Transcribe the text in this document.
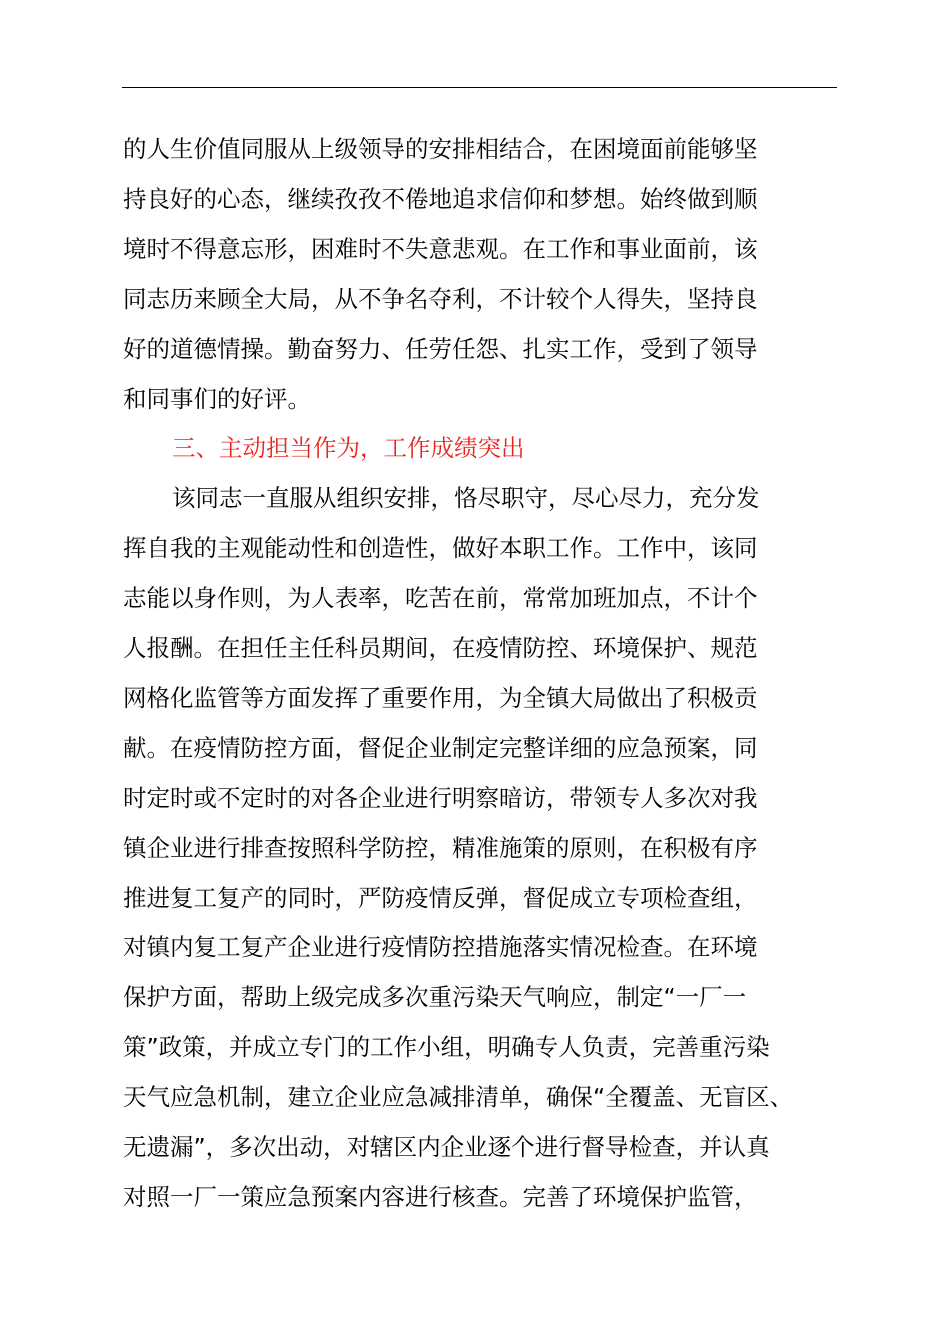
的人生价值同服从上级领导的安排相结合，在困境面前能够坚
持良好的心态，继续孜孜不倦地追求信仰和梦想。始终做到顺
境时不得意忘形，困难时不失意悲观。在工作和事业面前，该
同志历来顾全大局，从不争名夺利，不计较个人得失，坚持良
好的道德情操。勤奋努力、任劳任怨、扎实工作，受到了领导
和同事们的好评。
三、主动担当作为，工作成绩突出
该同志一直服从组织安排，恪尽职守，尽心尽力，充分发
挥自我的主观能动性和创造性，做好本职工作。工作中，该同
志能以身作则，为人表率，吃苦在前，常常加班加点，不计个
人报酬。在担任主任科员期间，在疫情防控、环境保护、规范
网格化监管等方面发挥了重要作用，为全镇大局做出了积极贡
献。在疫情防控方面，督促企业制定完整详细的应急预案，同
时定时或不定时的对各企业进行明察暗访，带领专人多次对我
镇企业进行排查按照科学防控，精准施策的原则，在积极有序
推进复工复产的同时，严防疫情反弹，督促成立专项检查组，
对镇内复工复产企业进行疫情防控措施落实情况检查。在环境
保护方面，帮助上级完成多次重污染天气响应，制定“一厂一
策”政策，并成立专门的工作小组，明确专人负责，完善重污染
天气应急机制，建立企业应急减排清单，确保“全覆盖、无盲区、
无遗漏”，多次出动，对辖区内企业逐个进行督导检查，并认真
对照一厂一策应急预案内容进行核查。完善了环境保护监管，
